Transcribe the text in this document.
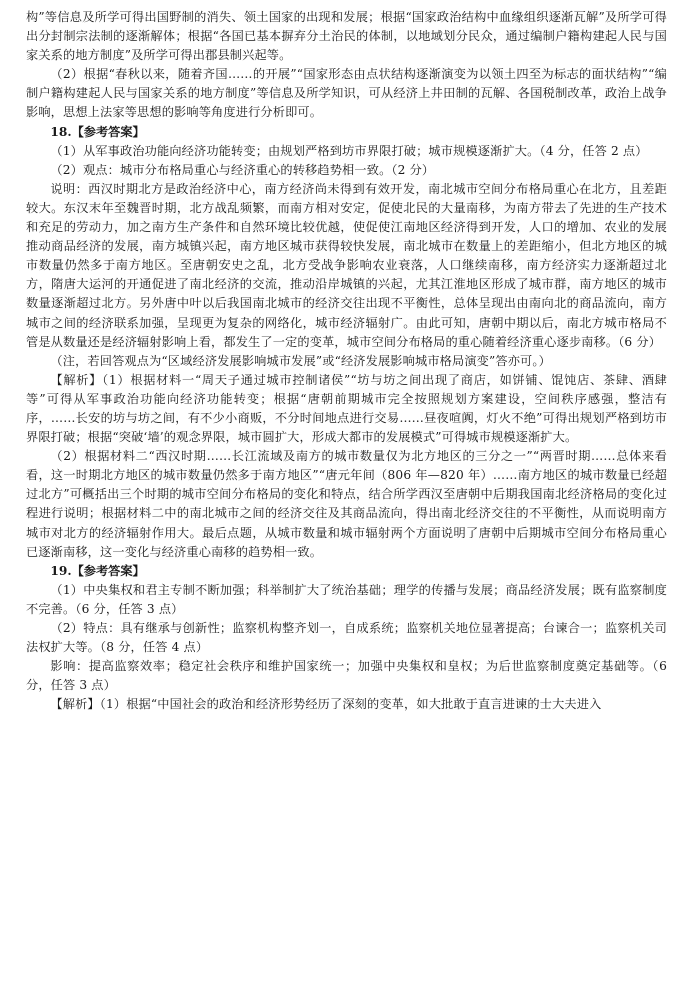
构”等信息及所学可得出国野制的消失、领土国家的出现和发展；根据“国家政治结构中血缘组织逐渐瓦解”及所学可得出分封制宗法制的逐渐解体；根据“各国已基本摒弃分土治民的体制，以地域划分民众，通过编制户籍构建起人民与国家关系的地方制度”及所学可得出郡县制兴起等。

（2）根据“春秋以来，随着齐国……的开展”“国家形态由点状结构逐渐演变为以领土四至为标志的面状结构”“编制户籍构建起人民与国家关系的地方制度”等信息及所学知识，可从经济上井田制的瓦解、各国税制改革，政治上战争影响，思想上法家等思想的影响等角度进行分析即可。

18.【参考答案】

（1）从军事政治功能向经济功能转变；由规划严格到坊市界限打破；城市规模逐渐扩大。（4 分，任答 2 点）

（2）观点：城市分布格局重心与经济重心的转移趋势相一致。（2 分）

说明：西汉时期北方是政治经济中心，南方经济尚未得到有效开发，南北城市空间分布格局重心在北方，且差距较大。东汉末年至魏晋时期，北方战乱频繁，而南方相对安定，促使北民的大量南移，为南方带去了先进的生产技术和充足的劳动力，加之南方生产条件和自然环境比较优越，使促使江南地区经济得到开发，人口的增加、农业的发展推动商品经济的发展，南方城镇兴起，南方地区城市获得较快发展，南北城市在数量上的差距缩小，但北方地区的城市数量仍然多于南方地区。至唐朝安史之乱，北方受战争影响农业衰落，人口继续南移，南方经济实力逐渐超过北方，隋唐大运河的开通促进了南北经济的交流，推动沿岸城镇的兴起，尤其江淮地区形成了城市群，南方地区的城市数量逐渐超过北方。另外唐中叶以后我国南北城市的经济交往出现不平衡性，总体呈现出由南向北的商品流向，南方城市之间的经济联系加强，呈现更为复杂的网络化，城市经济辐射广。由此可知，唐朝中期以后，南北方城市格局不管是从数量还是经济辐射影响上看，都发生了一定的变革，城市空间分布格局的重心随着经济重心逐步南移。（6 分）

（注，若回答观点为“区域经济发展影响城市发展”或“经济发展影响城市格局演变”答亦可。）

【解析】（1）根据材料一“周天子通过城市控制诸侯”“坊与坊之间出现了商店，如饼铺、馄饨店、茶肆、酒肆等”可得从军事政治功能向经济功能转变；根据“唐朝前期城市完全按照规划方案建设，空间秩序感强，整洁有序，……长安的坊与坊之间，有不少小商贩，不分时间地点进行交易……昼夜喧阗，灯火不绝”可得出规划严格到坊市界限打破；根据“突破‘墙’的观念界限，城市圆扩大，形成大都市的发展模式”可得城市规模逐渐扩大。

（2）根据材料二“西汉时期……长江流域及南方的城市数量仅为北方地区的三分之一”“两晋时期……总体来看看，这一时期北方地区的城市数量仍然多于南方地区”“唐元年间（806 年—820 年）……南方地区的城市数量已经超过北方”可概括出三个时期的城市空间分布格局的变化和特点，结合所学西汉至唐朝中后期我国南北经济格局的变化过程进行说明；根据材料二中的南北城市之间的经济交往及其商品流向，得出南北经济交往的不平衡性，从而说明南方城市对北方的经济辐射作用大。最后点题，从城市数量和城市辐射两个方面说明了唐朝中后期城市空间分布格局重心已逐渐南移，这一变化与经济重心南移的趋势相一致。

19.【参考答案】

（1）中央集权和君主专制不断加强；科举制扩大了统治基础；理学的传播与发展；商品经济发展；既有监察制度不完善。（6 分，任答 3 点）

（2）特点：具有继承与创新性；监察机构整齐划一，自成系统；监察机关地位显著提高；台谏合一；监察机关司法权扩大等。（8 分，任答 4 点）

影响：提高监察效率；稳定社会秩序和维护国家统一；加强中央集权和皇权；为后世监察制度奠定基础等。（6 分，任答 3 点）

【解析】（1）根据“中国社会的政治和经济形势经历了深刻的变革，如大批敢于直言进谏的士大夫进入
